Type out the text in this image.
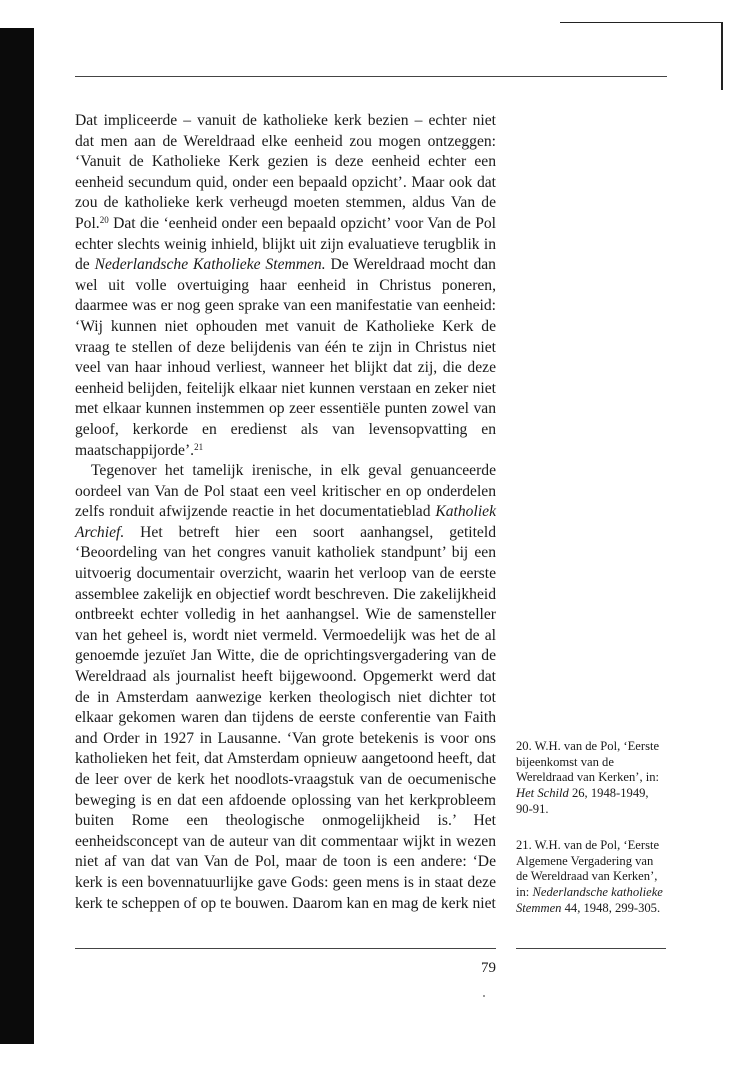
Dat impliceerde – vanuit de katholieke kerk bezien – echter niet dat men aan de Wereldraad elke eenheid zou mogen ontzeggen: ‘Vanuit de Katholieke Kerk gezien is deze eenheid echter een eenheid secundum quid, onder een bepaald opzicht’. Maar ook dat zou de katholieke kerk verheugd moeten stemmen, aldus Van de Pol.$^{20}$ Dat die ‘eenheid onder een bepaald opzicht’ voor Van de Pol echter slechts weinig inhield, blijkt uit zijn evaluatieve terugblik in de Nederlandsche Katholieke Stemmen. De Wereldraad mocht dan wel uit volle overtuiging haar eenheid in Christus poneren, daarmee was er nog geen sprake van een manifestatie van eenheid: ‘Wij kunnen niet ophouden met vanuit de Katholieke Kerk de vraag te stellen of deze belijdenis van één te zijn in Christus niet veel van haar inhoud verliest, wanneer het blijkt dat zij, die deze eenheid belijden, feitelijk elkaar niet kunnen verstaan en zeker niet met elkaar kunnen instemmen op zeer essentiële punten zowel van geloof, kerkorde en eredienst als van levensopvatting en maatschappijorde’.$^{21}$

Tegenover het tamelijk irenische, in elk geval genuanceerde oordeel van Van de Pol staat een veel kritischer en op onderdelen zelfs ronduit afwijzende reactie in het documentatieblad Katholiek Archief. Het betreft hier een soort aanhangsel, getiteld ‘Beoordeling van het congres vanuit katholiek standpunt’ bij een uitvoerig documentair overzicht, waarin het verloop van de eerste assemblee zakelijk en objectief wordt beschreven. Die zakelijkheid ontbreekt echter volledig in het aanhangsel. Wie de samensteller van het geheel is, wordt niet vermeld. Vermoedelijk was het de al genoemde jezuïet Jan Witte, die de oprichtingsvergadering van de Wereldraad als journalist heeft bijgewoond. Opgemerkt werd dat de in Amsterdam aanwezige kerken theologisch niet dichter tot elkaar gekomen waren dan tijdens de eerste conferentie van Faith and Order in 1927 in Lausanne. ‘Van grote betekenis is voor ons katholieken het feit, dat Amsterdam opnieuw aangetoond heeft, dat de leer over de kerk het noodlots-vraagstuk van de oecumenische beweging is en dat een afdoende oplossing van het kerkprobleem buiten Rome een theologische onmogelijkheid is.’ Het eenheidsconcept van de auteur van dit commentaar wijkt in wezen niet af van dat van Van de Pol, maar de toon is een andere: ‘De kerk is een bovennatuurlijke gave Gods: geen mens is in staat deze kerk te scheppen of op te bouwen. Daarom kan en mag de kerk niet

20. W.H. van de Pol, ‘Eerste bijeenkomst van de Wereldraad van Kerken’, in: Het Schild 26, 1948-1949, 90-91.

21. W.H. van de Pol, ‘Eerste Algemene Vergadering van de Wereldraad van Kerken’, in: Nederlandsche katholieke Stemmen 44, 1948, 299-305.

79
